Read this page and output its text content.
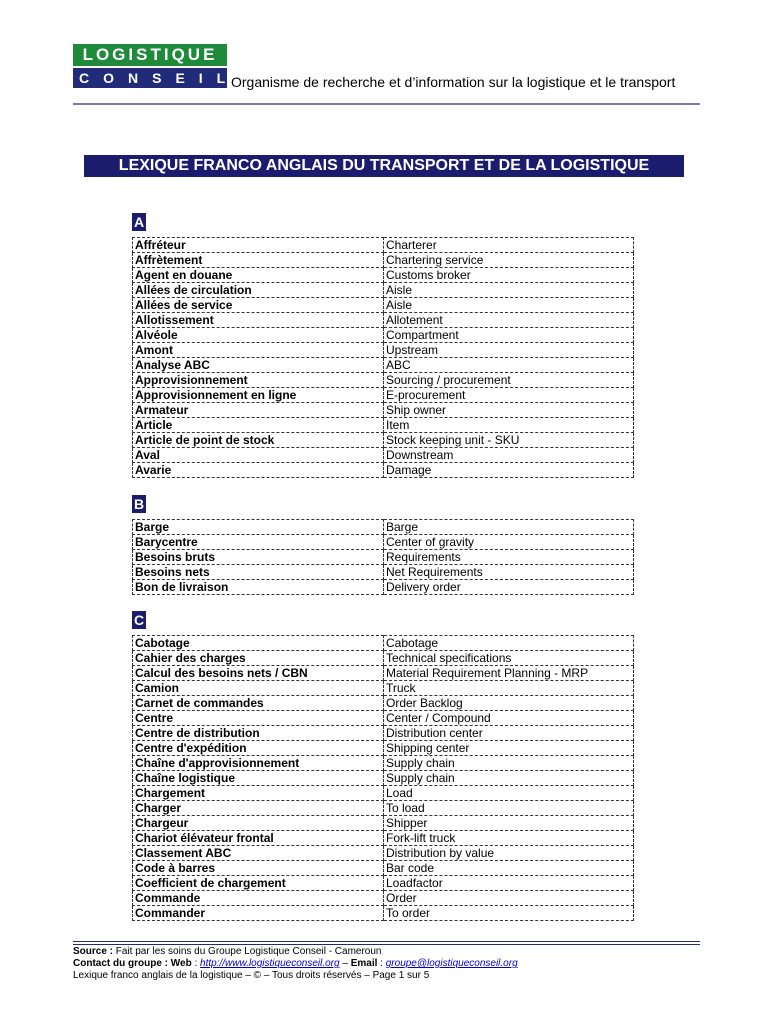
LOGISTIQUE
CONSEIL
Organisme de recherche et d’information sur la logistique et le transport
LEXIQUE FRANCO ANGLAIS DU TRANSPORT ET DE LA LOGISTIQUE
A
Affréteur	Charterer
Affrètement	Chartering service
Agent en douane	Customs broker
Allées de circulation	Aisle
Allées de service	Aisle
Allotissement	Allotement
Alvéole	Compartment
Amont	Upstream
Analyse ABC	ABC
Approvisionnement	Sourcing / procurement
Approvisionnement en ligne	E-procurement
Armateur	Ship owner
Article	Item
Article de point de stock	Stock keeping unit - SKU
Aval	Downstream
Avarie	Damage
B
Barge	Barge
Barycentre	Center of gravity
Besoins bruts	Requirements
Besoins nets	Net Requirements
Bon de livraison	Delivery order
C
Cabotage	Cabotage
Cahier des charges	Technical specifications
Calcul des besoins nets / CBN	Material Requirement Planning - MRP
Camion	Truck
Carnet de commandes	Order Backlog
Centre	Center / Compound
Centre de distribution	Distribution center
Centre d'expédition	Shipping center
Chaîne d'approvisionnement	Supply chain
Chaîne logistique	Supply chain
Chargement	Load
Charger	To load
Chargeur	Shipper
Chariot élévateur frontal	Fork-lift truck
Classement ABC	Distribution by value
Code à barres	Bar code
Coefficient de chargement	Loadfactor
Commande	Order
Commander	To order
Source : Fait par les soins du Groupe Logistique Conseil - Cameroun
Contact du groupe : Web : http://www.logistiqueconseil.org – Email : groupe@logistiqueconseil.org
Lexique franco anglais de la logistique – © – Tous droits réservés – Page 1 sur 5
